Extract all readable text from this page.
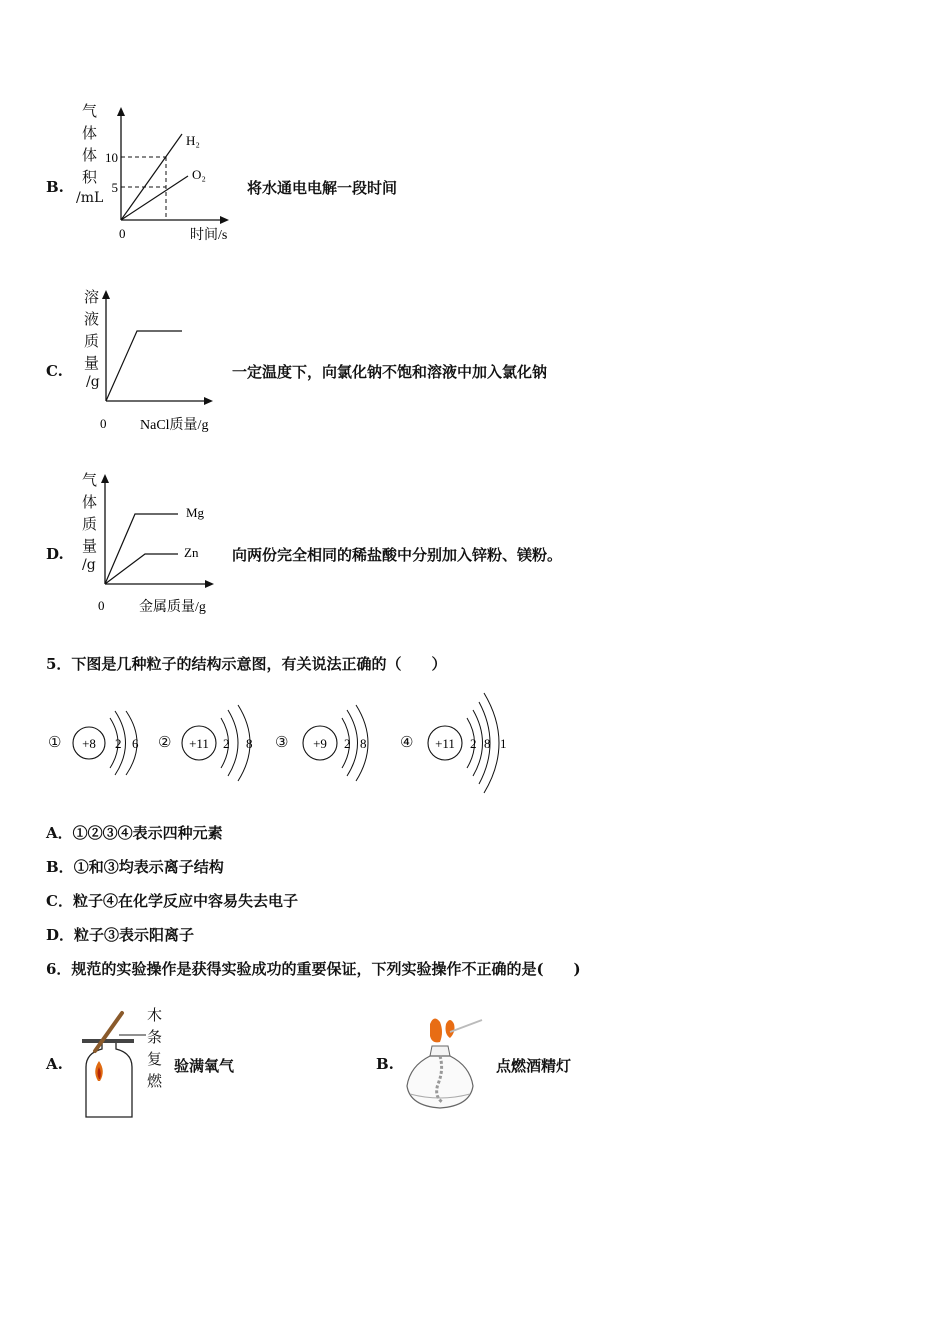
B.
气
体
体
积
/mL
10
5
0	时间/s
H₂
O₂
将水通电电解一段时间
C.
溶
液
质
量
/g
0 NaCl质量/g
一定温度下，向氯化钠不饱和溶液中加入氯化钠
D.
气
体
质
量
/g
Mg
Zn
0 金属质量/g
向两份完全相同的稀盐酸中分别加入锌粉、镁粉。
5．下图是几种粒子的结构示意图，有关说法正确的（　　）
① +8 2 6 ② +11 2 8 ③ +9 2 8 ④ +11 2 8 1
A．①②③④表示四种元素
B．①和③均表示离子结构
C．粒子④在化学反应中容易失去电子
D．粒子③表示阳离子
6．规范的实验操作是获得实验成功的重要保证，下列实验操作不正确的是(　　)
A.
木
条
复
燃
验满氧气	B.	点燃酒精灯
